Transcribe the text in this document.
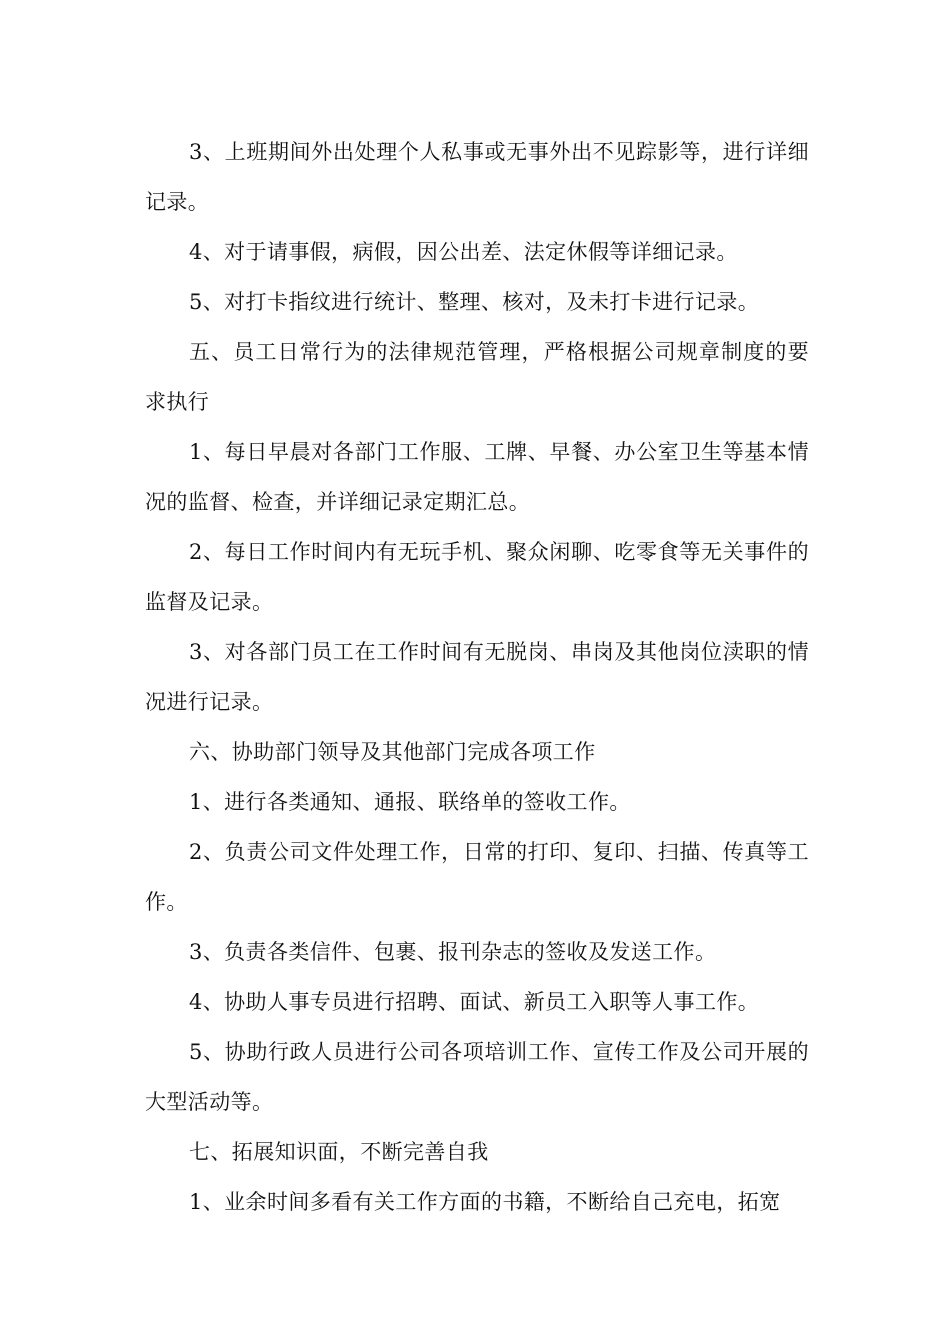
3、上班期间外出处理个人私事或无事外出不见踪影等，进行详细记录。

4、对于请事假，病假，因公出差、法定休假等详细记录。

5、对打卡指纹进行统计、整理、核对，及未打卡进行记录。

五、员工日常行为的法律规范管理，严格根据公司规章制度的要求执行

1、每日早晨对各部门工作服、工牌、早餐、办公室卫生等基本情况的监督、检查，并详细记录定期汇总。

2、每日工作时间内有无玩手机、聚众闲聊、吃零食等无关事件的监督及记录。

3、对各部门员工在工作时间有无脱岗、串岗及其他岗位渎职的情况进行记录。

六、协助部门领导及其他部门完成各项工作

1、进行各类通知、通报、联络单的签收工作。

2、负责公司文件处理工作，日常的打印、复印、扫描、传真等工作。

3、负责各类信件、包裹、报刊杂志的签收及发送工作。

4、协助人事专员进行招聘、面试、新员工入职等人事工作。

5、协助行政人员进行公司各项培训工作、宣传工作及公司开展的大型活动等。

七、拓展知识面，不断完善自我

1、业余时间多看有关工作方面的书籍，不断给自己充电，拓宽
